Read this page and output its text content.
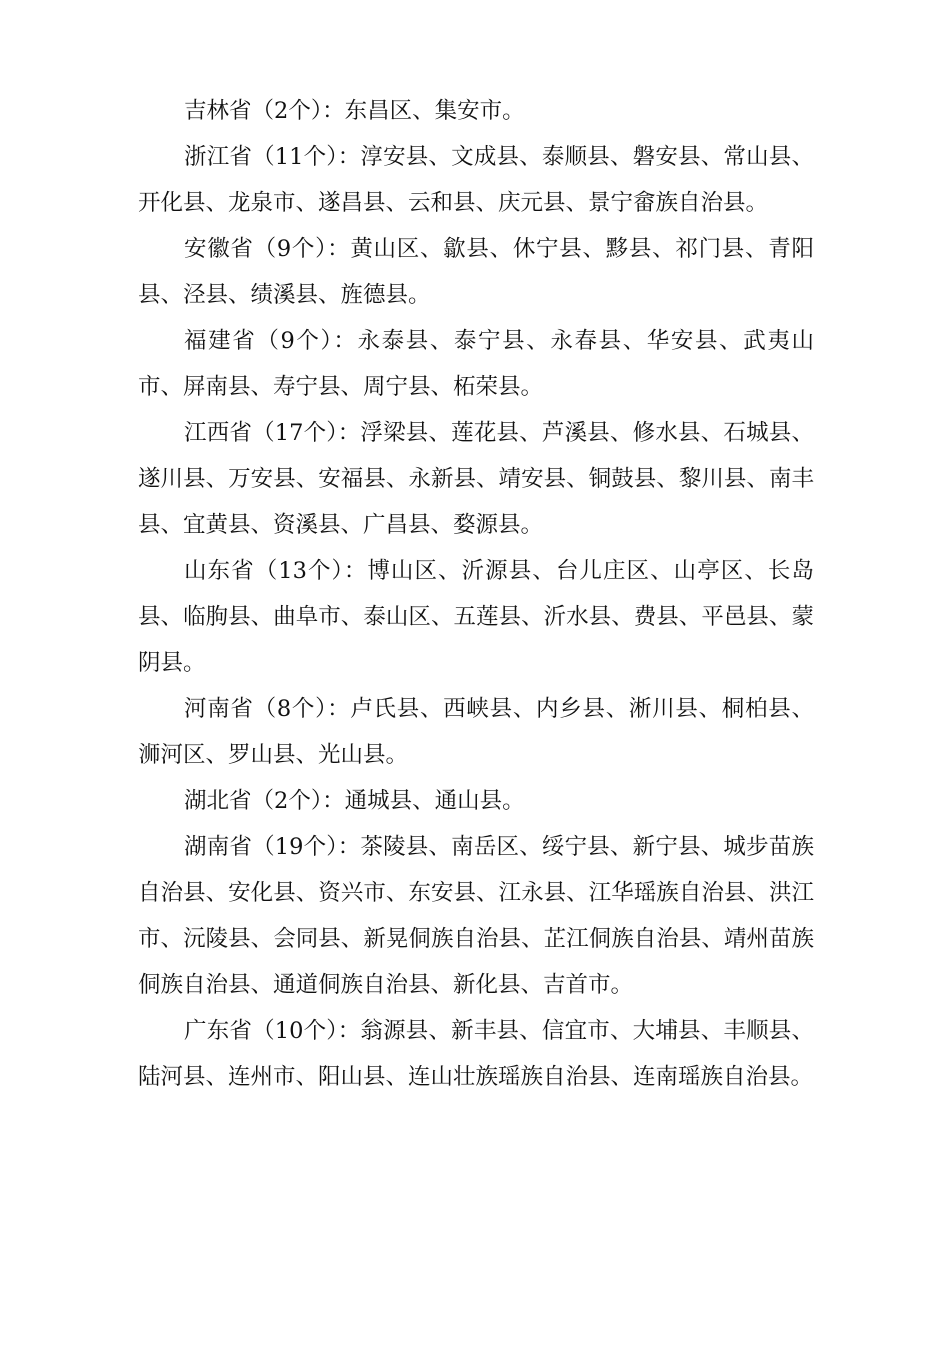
吉林省（2个）：东昌区、集安市。

浙江省（11个）：淳安县、文成县、泰顺县、磐安县、常山县、开化县、龙泉市、遂昌县、云和县、庆元县、景宁畲族自治县。

安徽省（9个）：黄山区、歙县、休宁县、黟县、祁门县、青阳县、泾县、绩溪县、旌德县。

福建省（9个）：永泰县、泰宁县、永春县、华安县、武夷山市、屏南县、寿宁县、周宁县、柘荣县。

江西省（17个）：浮梁县、莲花县、芦溪县、修水县、石城县、遂川县、万安县、安福县、永新县、靖安县、铜鼓县、黎川县、南丰县、宜黄县、资溪县、广昌县、婺源县。

山东省（13个）：博山区、沂源县、台儿庄区、山亭区、长岛县、临朐县、曲阜市、泰山区、五莲县、沂水县、费县、平邑县、蒙阴县。

河南省（8个）：卢氏县、西峡县、内乡县、淅川县、桐柏县、浉河区、罗山县、光山县。

湖北省（2个）：通城县、通山县。

湖南省（19个）：茶陵县、南岳区、绥宁县、新宁县、城步苗族自治县、安化县、资兴市、东安县、江永县、江华瑶族自治县、洪江市、沅陵县、会同县、新晃侗族自治县、芷江侗族自治县、靖州苗族侗族自治县、通道侗族自治县、新化县、吉首市。

广东省（10个）：翁源县、新丰县、信宜市、大埔县、丰顺县、陆河县、连州市、阳山县、连山壮族瑶族自治县、连南瑶族自治县。
